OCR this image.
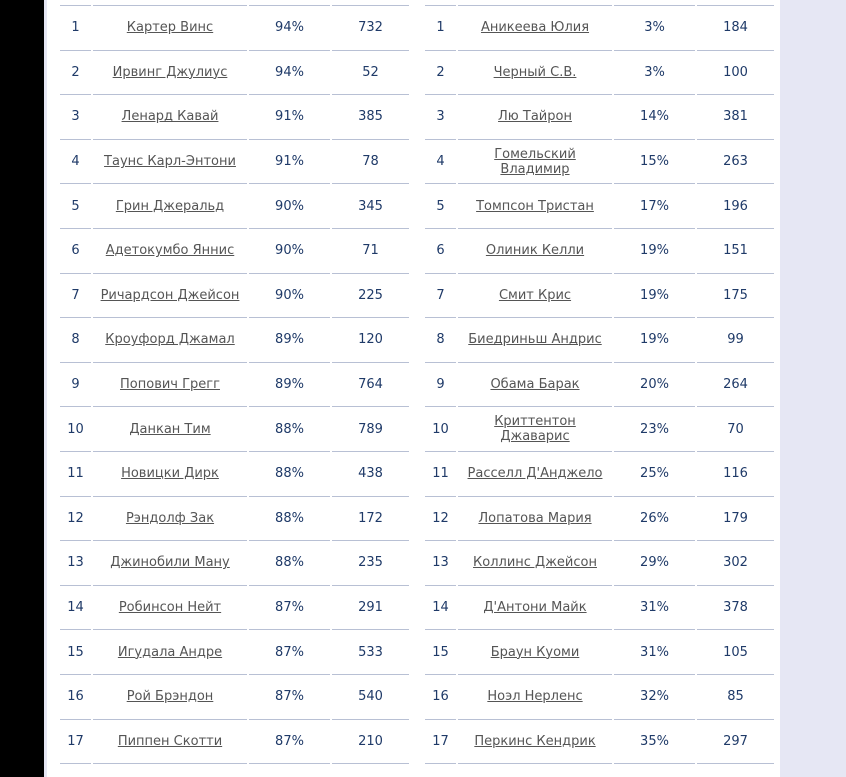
1	Картер Винс	94%	732
2	Ирвинг Джулиус	94%	52
3	Ленард Кавай	91%	385
4	Таунс Карл-Энтони	91%	78
5	Грин Джеральд	90%	345
6	Адетокумбо Яннис	90%	71
7	Ричардсон Джейсон	90%	225
8	Кроуфорд Джамал	89%	120
9	Попович Грегг	89%	764
10	Данкан Тим	88%	789
11	Новицки Дирк	88%	438
12	Рэндолф Зак	88%	172
13	Джинобили Ману	88%	235
14	Робинсон Нейт	87%	291
15	Игудала Андре	87%	533
16	Рой Брэндон	87%	540
17	Пиппен Скотти	87%	210
1	Аникеева Юлия	3%	184
2	Черный С.В.	3%	100
3	Лю Тайрон	14%	381
4	Гомельский Владимир	15%	263
5	Томпсон Тристан	17%	196
6	Олиник Келли	19%	151
7	Смит Крис	19%	175
8	Биедриньш Андрис	19%	99
9	Обама Барак	20%	264
10	Криттентон Джаварис	23%	70
11	Расселл Д'Анджело	25%	116
12	Лопатова Мария	26%	179
13	Коллинс Джейсон	29%	302
14	Д'Антони Майк	31%	378
15	Браун Куоми	31%	105
16	Ноэл Нерленс	32%	85
17	Перкинс Кендрик	35%	297
